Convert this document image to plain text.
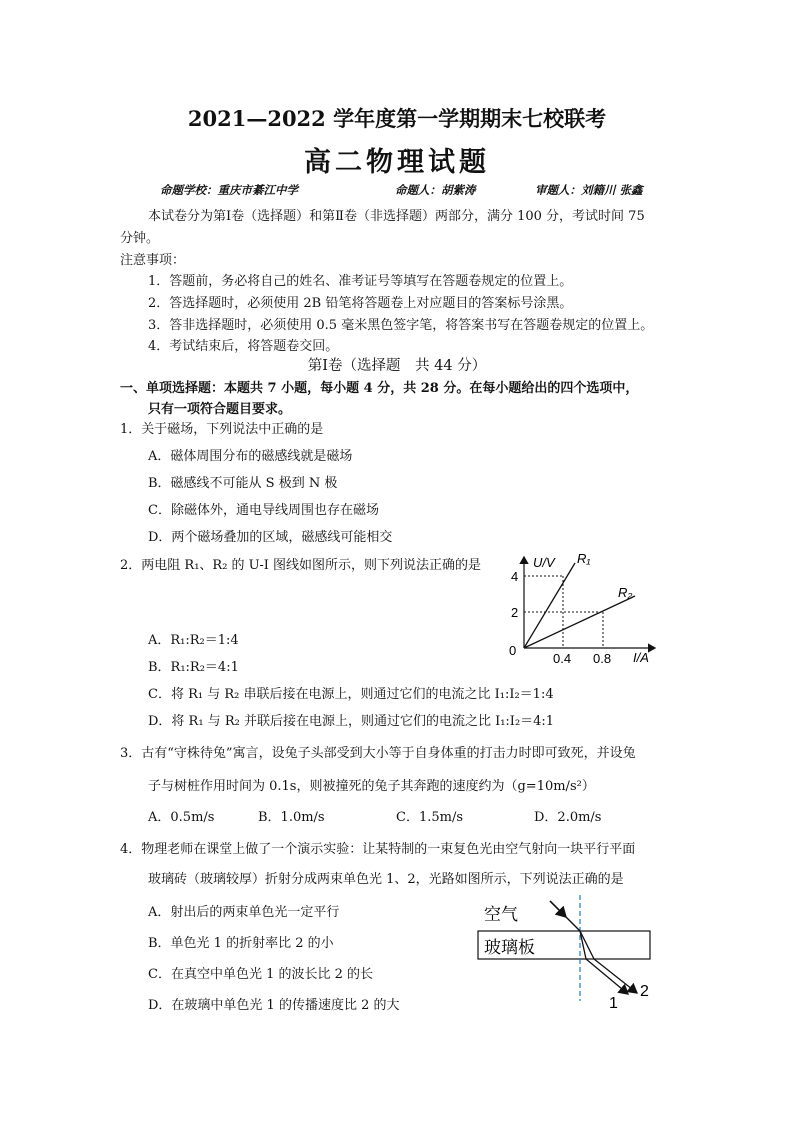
2021—2022 学年度第一学期期末七校联考
高二物理试题
命题学校：重庆市綦江中学	命题人：胡紫涛	审题人：刘籍川 张鑫
本试卷分为第Ⅰ卷（选择题）和第Ⅱ卷（非选择题）两部分，满分 100 分，考试时间 75
分钟。
注意事项：
1．答题前，务必将自己的姓名、准考证号等填写在答题卷规定的位置上。
2．答选择题时，必须使用 2B 铅笔将答题卷上对应题目的答案标号涂黑。
3．答非选择题时，必须使用 0.5 毫米黑色签字笔，将答案书写在答题卷规定的位置上。
4．考试结束后，将答题卷交回。
第Ⅰ卷（选择题　共 44 分）
一、单项选择题：本题共 7 小题，每小题 4 分，共 28 分。在每小题给出的四个选项中，
只有一项符合题目要求。
1．关于磁场，下列说法中正确的是
A．磁体周围分布的磁感线就是磁场
B．磁感线不可能从 S 极到 N 极
C．除磁体外，通电导线周围也存在磁场
D．两个磁场叠加的区域，磁感线可能相交
2．两电阻 R₁、R₂ 的 U-I 图线如图所示，则下列说法正确的是
A．R₁:R₂＝1:4
B．R₁:R₂＝4:1
C．将 R₁ 与 R₂ 串联后接在电源上，则通过它们的电流之比 I₁:I₂＝1:4
D．将 R₁ 与 R₂ 并联后接在电源上，则通过它们的电流之比 I₁:I₂＝4:1
U/V
I/A
0
4
2
0.4 0.8
R₁
R₂
3．古有“守株待兔”寓言，设兔子头部受到大小等于自身体重的打击力时即可致死，并设兔
子与树桩作用时间为 0.1s，则被撞死的兔子其奔跑的速度约为（g=10m/s²）
A．0.5m/s	B．1.0m/s	C．1.5m/s	D．2.0m/s
4．物理老师在课堂上做了一个演示实验：让某特制的一束复色光由空气射向一块平行平面
玻璃砖（玻璃较厚）折射分成两束单色光 1、2，光路如图所示，下列说法正确的是
A．射出后的两束单色光一定平行
B．单色光 1 的折射率比 2 的小
C．在真空中单色光 1 的波长比 2 的长
D．在玻璃中单色光 1 的传播速度比 2 的大
空气
玻璃板
1
2
